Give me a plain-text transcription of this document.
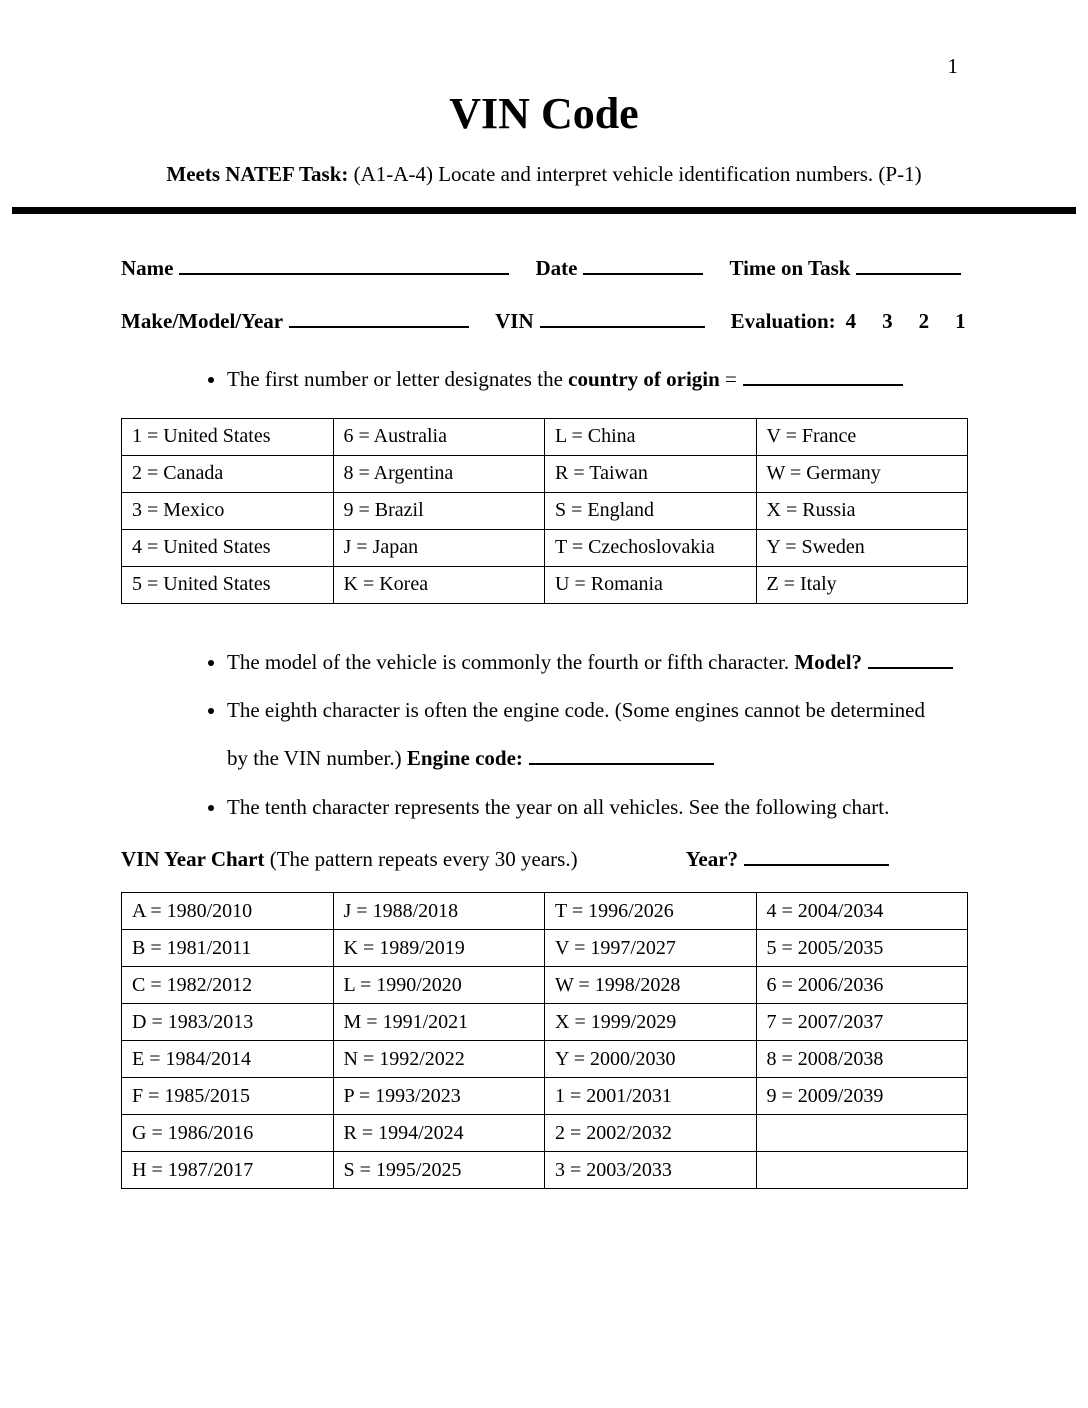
1
VIN Code
Meets NATEF Task: (A1-A-4) Locate and interpret vehicle identification numbers. (P-1)
Name	Date	Time on Task
Make/Model/Year	VIN	Evaluation: 4    3    2    1
• The first number or letter designates the country of origin =
1 = United States	6 = Australia	L = China	V = France
2 = Canada	8 = Argentina	R = Taiwan	W = Germany
3 = Mexico	9 = Brazil	S = England	X = Russia
4 = United States	J = Japan	T = Czechoslovakia	Y = Sweden
5 = United States	K = Korea	U = Romania	Z = Italy
• The model of the vehicle is commonly the fourth or fifth character. Model?
• The eighth character is often the engine code. (Some engines cannot be determined
by the VIN number.) Engine code:
• The tenth character represents the year on all vehicles. See the following chart.
VIN Year Chart (The pattern repeats every 30 years.)	Year?
A = 1980/2010	J = 1988/2018	T = 1996/2026	4 = 2004/2034
B = 1981/2011	K = 1989/2019	V = 1997/2027	5 = 2005/2035
C = 1982/2012	L = 1990/2020	W = 1998/2028	6 = 2006/2036
D = 1983/2013	M = 1991/2021	X = 1999/2029	7 = 2007/2037
E = 1984/2014	N = 1992/2022	Y = 2000/2030	8 = 2008/2038
F = 1985/2015	P = 1993/2023	1 = 2001/2031	9 = 2009/2039
G = 1986/2016	R = 1994/2024	2 = 2002/2032	
H = 1987/2017	S = 1995/2025	3 = 2003/2033	
